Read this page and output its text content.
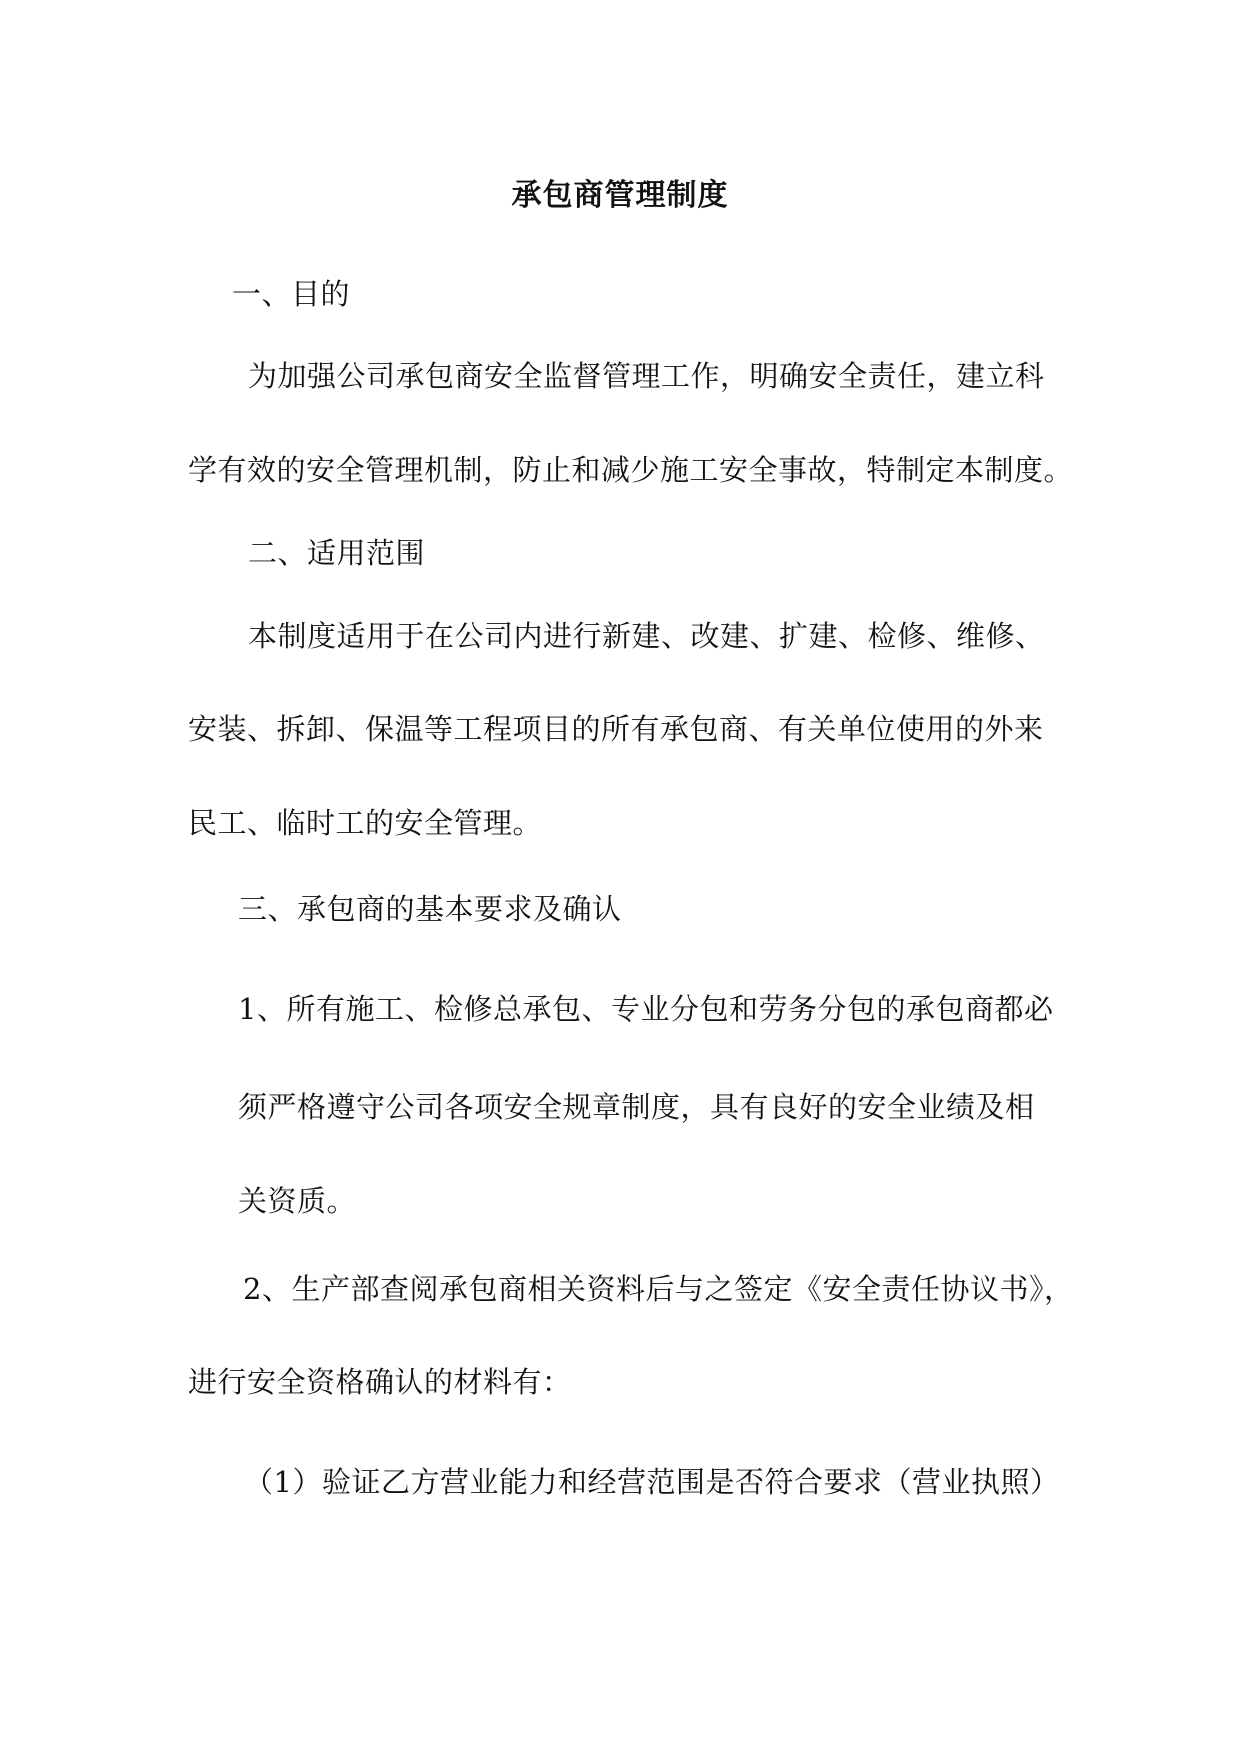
承包商管理制度
一、目的
为加强公司承包商安全监督管理工作，明确安全责任，建立科
学有效的安全管理机制，防止和减少施工安全事故，特制定本制度。
二、适用范围
本制度适用于在公司内进行新建、改建、扩建、检修、维修、
安装、拆卸、保温等工程项目的所有承包商、有关单位使用的外来
民工、临时工的安全管理。
三、承包商的基本要求及确认
1、所有施工、检修总承包、专业分包和劳务分包的承包商都必
须严格遵守公司各项安全规章制度，具有良好的安全业绩及相
关资质。
2、生产部查阅承包商相关资料后与之签定《安全责任协议书》，
进行安全资格确认的材料有：
（1）验证乙方营业能力和经营范围是否符合要求（营业执照）
